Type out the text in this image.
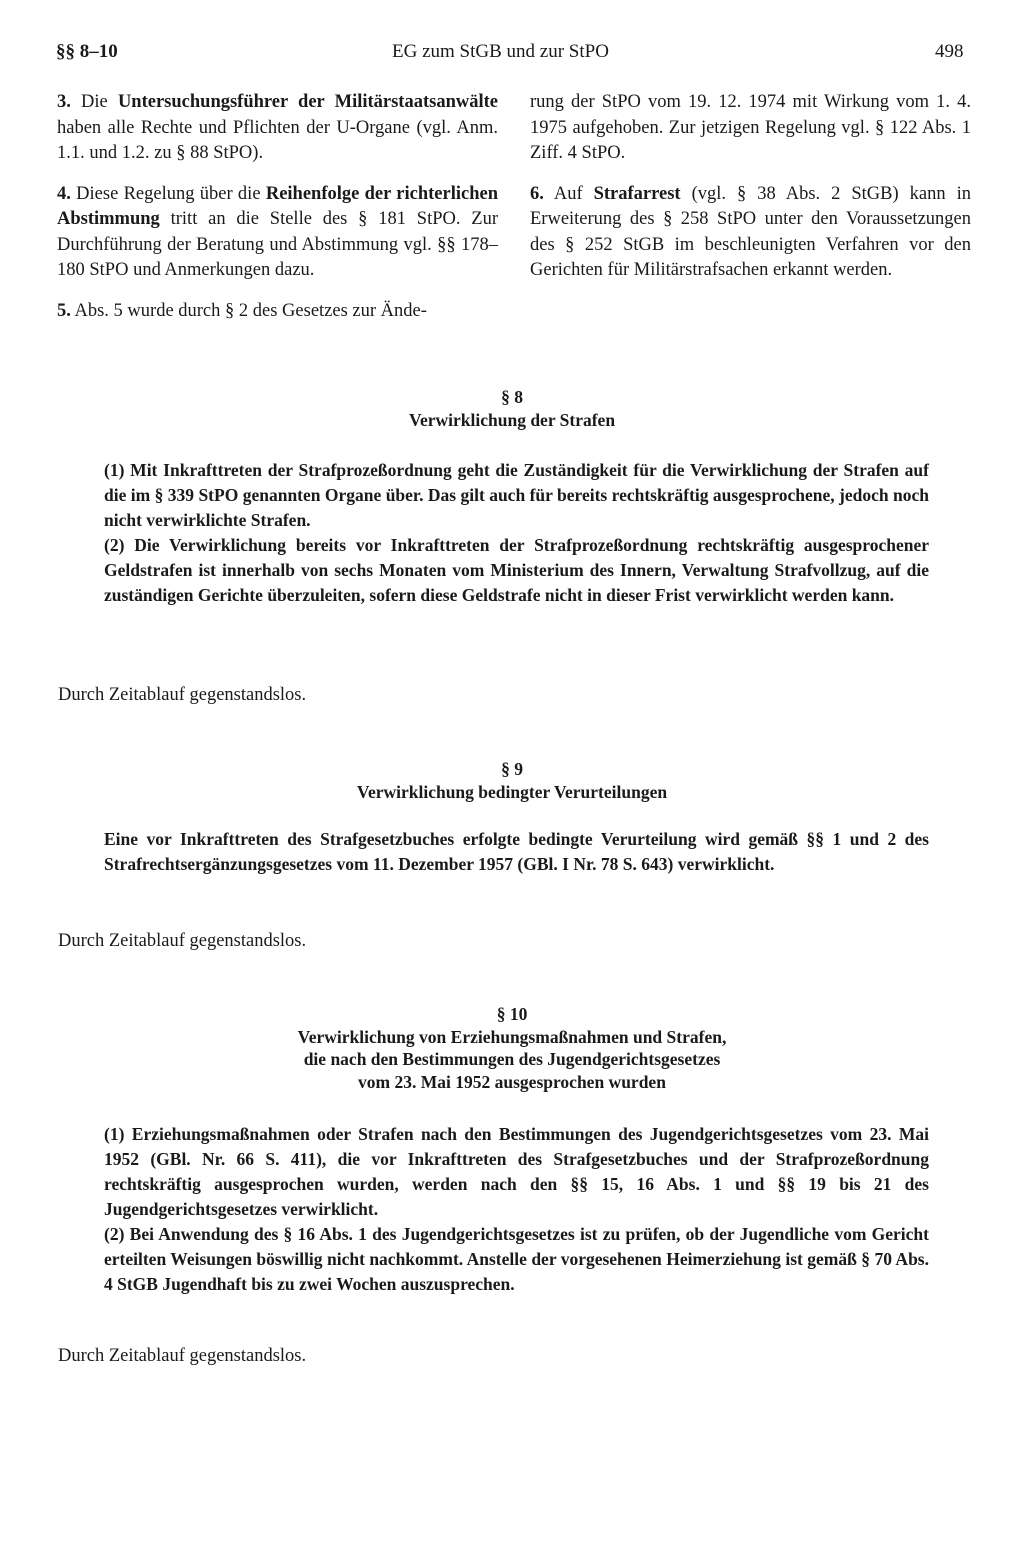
§§ 8–10	EG zum StGB und zur StPO	498

3. Die Untersuchungsführer der Militärstaatsanwälte haben alle Rechte und Pflichten der U-Organe (vgl. Anm. 1.1. und 1.2. zu § 88 StPO).

4. Diese Regelung über die Reihenfolge der richterlichen Abstimmung tritt an die Stelle des § 181 StPO. Zur Durchführung der Beratung und Abstimmung vgl. §§ 178–180 StPO und Anmerkungen dazu.

5. Abs. 5 wurde durch § 2 des Gesetzes zur Ände-

rung der StPO vom 19. 12. 1974 mit Wirkung vom 1. 4. 1975 aufgehoben. Zur jetzigen Regelung vgl. § 122 Abs. 1 Ziff. 4 StPO.

6. Auf Strafarrest (vgl. § 38 Abs. 2 StGB) kann in Erweiterung des § 258 StPO unter den Voraussetzungen des § 252 StGB im beschleunigten Verfahren vor den Gerichten für Militärstrafsachen erkannt werden.

§ 8
Verwirklichung der Strafen

(1) Mit Inkrafttreten der Strafprozeßordnung geht die Zuständigkeit für die Verwirklichung der Strafen auf die im § 339 StPO genannten Organe über. Das gilt auch für bereits rechtskräftig ausgesprochene, jedoch noch nicht verwirklichte Strafen.

(2) Die Verwirklichung bereits vor Inkrafttreten der Strafprozeßordnung rechtskräftig ausgesprochener Geldstrafen ist innerhalb von sechs Monaten vom Ministerium des Innern, Verwaltung Strafvollzug, auf die zuständigen Gerichte überzuleiten, sofern diese Geldstrafe nicht in dieser Frist verwirklicht werden kann.

Durch Zeitablauf gegenstandslos.
§ 9
Verwirklichung bedingter Verurteilungen

Eine vor Inkrafttreten des Strafgesetzbuches erfolgte bedingte Verurteilung wird gemäß §§ 1 und 2 des Strafrechtsergänzungsgesetzes vom 11. Dezember 1957 (GBl. I Nr. 78 S. 643) verwirklicht.

Durch Zeitablauf gegenstandslos.
§ 10
Verwirklichung von Erziehungsmaßnahmen und Strafen,
die nach den Bestimmungen des Jugendgerichtsgesetzes
vom 23. Mai 1952 ausgesprochen wurden

(1) Erziehungsmaßnahmen oder Strafen nach den Bestimmungen des Jugendgerichtsgesetzes vom 23. Mai 1952 (GBl. Nr. 66 S. 411), die vor Inkrafttreten des Strafgesetzbuches und der Strafprozeßordnung rechtskräftig ausgesprochen wurden, werden nach den §§ 15, 16 Abs. 1 und §§ 19 bis 21 des Jugendgerichtsgesetzes verwirklicht.

(2) Bei Anwendung des § 16 Abs. 1 des Jugendgerichtsgesetzes ist zu prüfen, ob der Jugendliche vom Gericht erteilten Weisungen böswillig nicht nachkommt. Anstelle der vorgesehenen Heimerziehung ist gemäß § 70 Abs. 4 StGB Jugendhaft bis zu zwei Wochen auszusprechen.

Durch Zeitablauf gegenstandslos.
